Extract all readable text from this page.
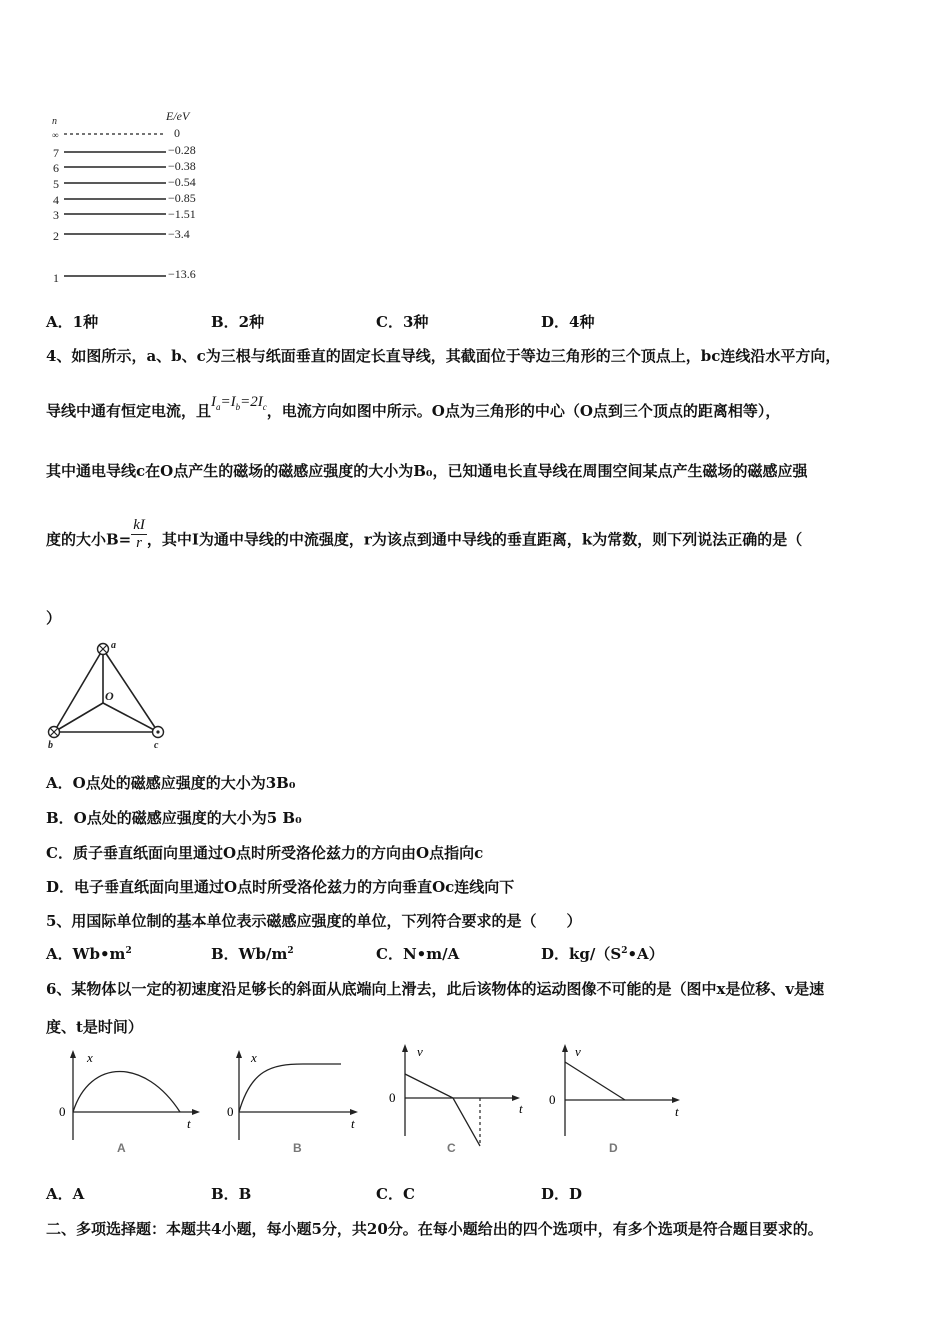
n	E/eV
∞	0
7	−0.28
6	−0.38
5	−0.54
4	−0.85
3	−1.51
2	−3.4
1	−13.6
A．1种	B．2种	C．3种	D．4种
4、如图所示，a、b、c为三根与纸面垂直的固定长直导线，其截面位于等边三角形的三个顶点上，bc连线沿水平方向，
导线中通有恒定电流，且$I_a=I_b=2I_c$，电流方向如图中所示。O点为三角形的中心（O点到三个顶点的距离相等），
其中通电导线c在O点产生的磁场的磁感应强度的大小为B₀，已知通电长直导线在周围空间某点产生磁场的磁感应强
度的大小$B= \frac{kI}{r}$ ，其中I为通中导线的中流强度，r为该点到通中导线的垂直距离，k为常数，则下列说法正确的是（
）
a
b	c
O
A．O点处的磁感应强度的大小为3B₀
B．O点处的磁感应强度的大小为5 B₀
C．质子垂直纸面向里通过O点时所受洛伦兹力的方向由O点指向c
D．电子垂直纸面向里通过O点时所受洛伦兹力的方向垂直Oc连线向下
5、用国际单位制的基本单位表示磁感应强度的单位，下列符合要求的是（　　）
A．$Wb•m^2$	B．$Wb/m^2$	C．N•m/A	D．$kg/(S^2•A)$
6、某物体以一定的初速度沿足够长的斜面从底端向上滑去，此后该物体的运动图像不可能的是（图中x是位移、v是速
度、t是时间）
x
0
t
A
x
0
t
B
v
0
t
C
v
0
t
D
A．A	B．B	C．C	D．D
二、多项选择题：本题共4小题，每小题5分，共20分。在每小题给出的四个选项中，有多个选项是符合题目要求的。
